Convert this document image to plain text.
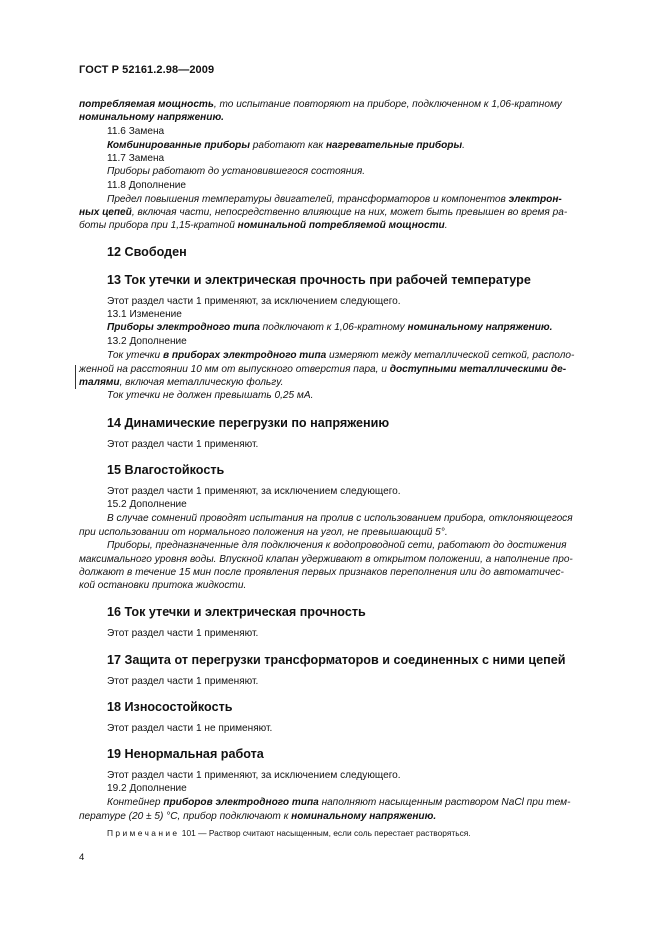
ГОСТ Р 52161.2.98—2009
потребляемая мощность, то испытание повторяют на приборе, подключенном к 1,06-кратному
номинальному напряжению.
11.6 Замена
Комбинированные приборы работают как нагревательные приборы.
11.7 Замена
Приборы работают до установившегося состояния.
11.8 Дополнение
Предел повышения температуры двигателей, трансформаторов и компонентов электрон-
ных цепей, включая части, непосредственно влияющие на них, может быть превышен во время ра-
боты прибора при 1,15-кратной номинальной потребляемой мощности.
12 Свободен
13 Ток утечки и электрическая прочность при рабочей температуре
Этот раздел части 1 применяют, за исключением следующего.
13.1 Изменение
Приборы электродного типа подключают к 1,06-кратному номинальному напряжению.
13.2 Дополнение
Ток утечки в приборах электродного типа измеряют между металлической сеткой, располо-
женной на расстоянии 10 мм от выпускного отверстия пара, и доступными металлическими де-
талями, включая металлическую фольгу.
Ток утечки не должен превышать 0,25 мА.
14 Динамические перегрузки по напряжению
Этот раздел части 1 применяют.
15 Влагостойкость
Этот раздел части 1 применяют, за исключением следующего.
15.2 Дополнение
В случае сомнений проводят испытания на пролив с использованием прибора, отклоняющегося
при использовании от нормального положения на угол, не превышающий 5°.
Приборы, предназначенные для подключения к водопроводной сети, работают до достижения
максимального уровня воды. Впускной клапан удерживают в открытом положении, а наполнение про-
должают в течение 15 мин после проявления первых признаков переполнения или до автоматичес-
кой остановки притока жидкости.
16 Ток утечки и электрическая прочность
Этот раздел части 1 применяют.
17 Защита от перегрузки трансформаторов и соединенных с ними цепей
Этот раздел части 1 применяют.
18 Износостойкость
Этот раздел части 1 не применяют.
19 Ненормальная работа
Этот раздел части 1 применяют, за исключением следующего.
19.2 Дополнение
Контейнер приборов электродного типа наполняют насыщенным раствором NaCl при тем-
пературе (20 ± 5) °С, прибор подключают к номинальному напряжению.
Примечание 101 — Раствор считают насыщенным, если соль перестает растворяться.
4
